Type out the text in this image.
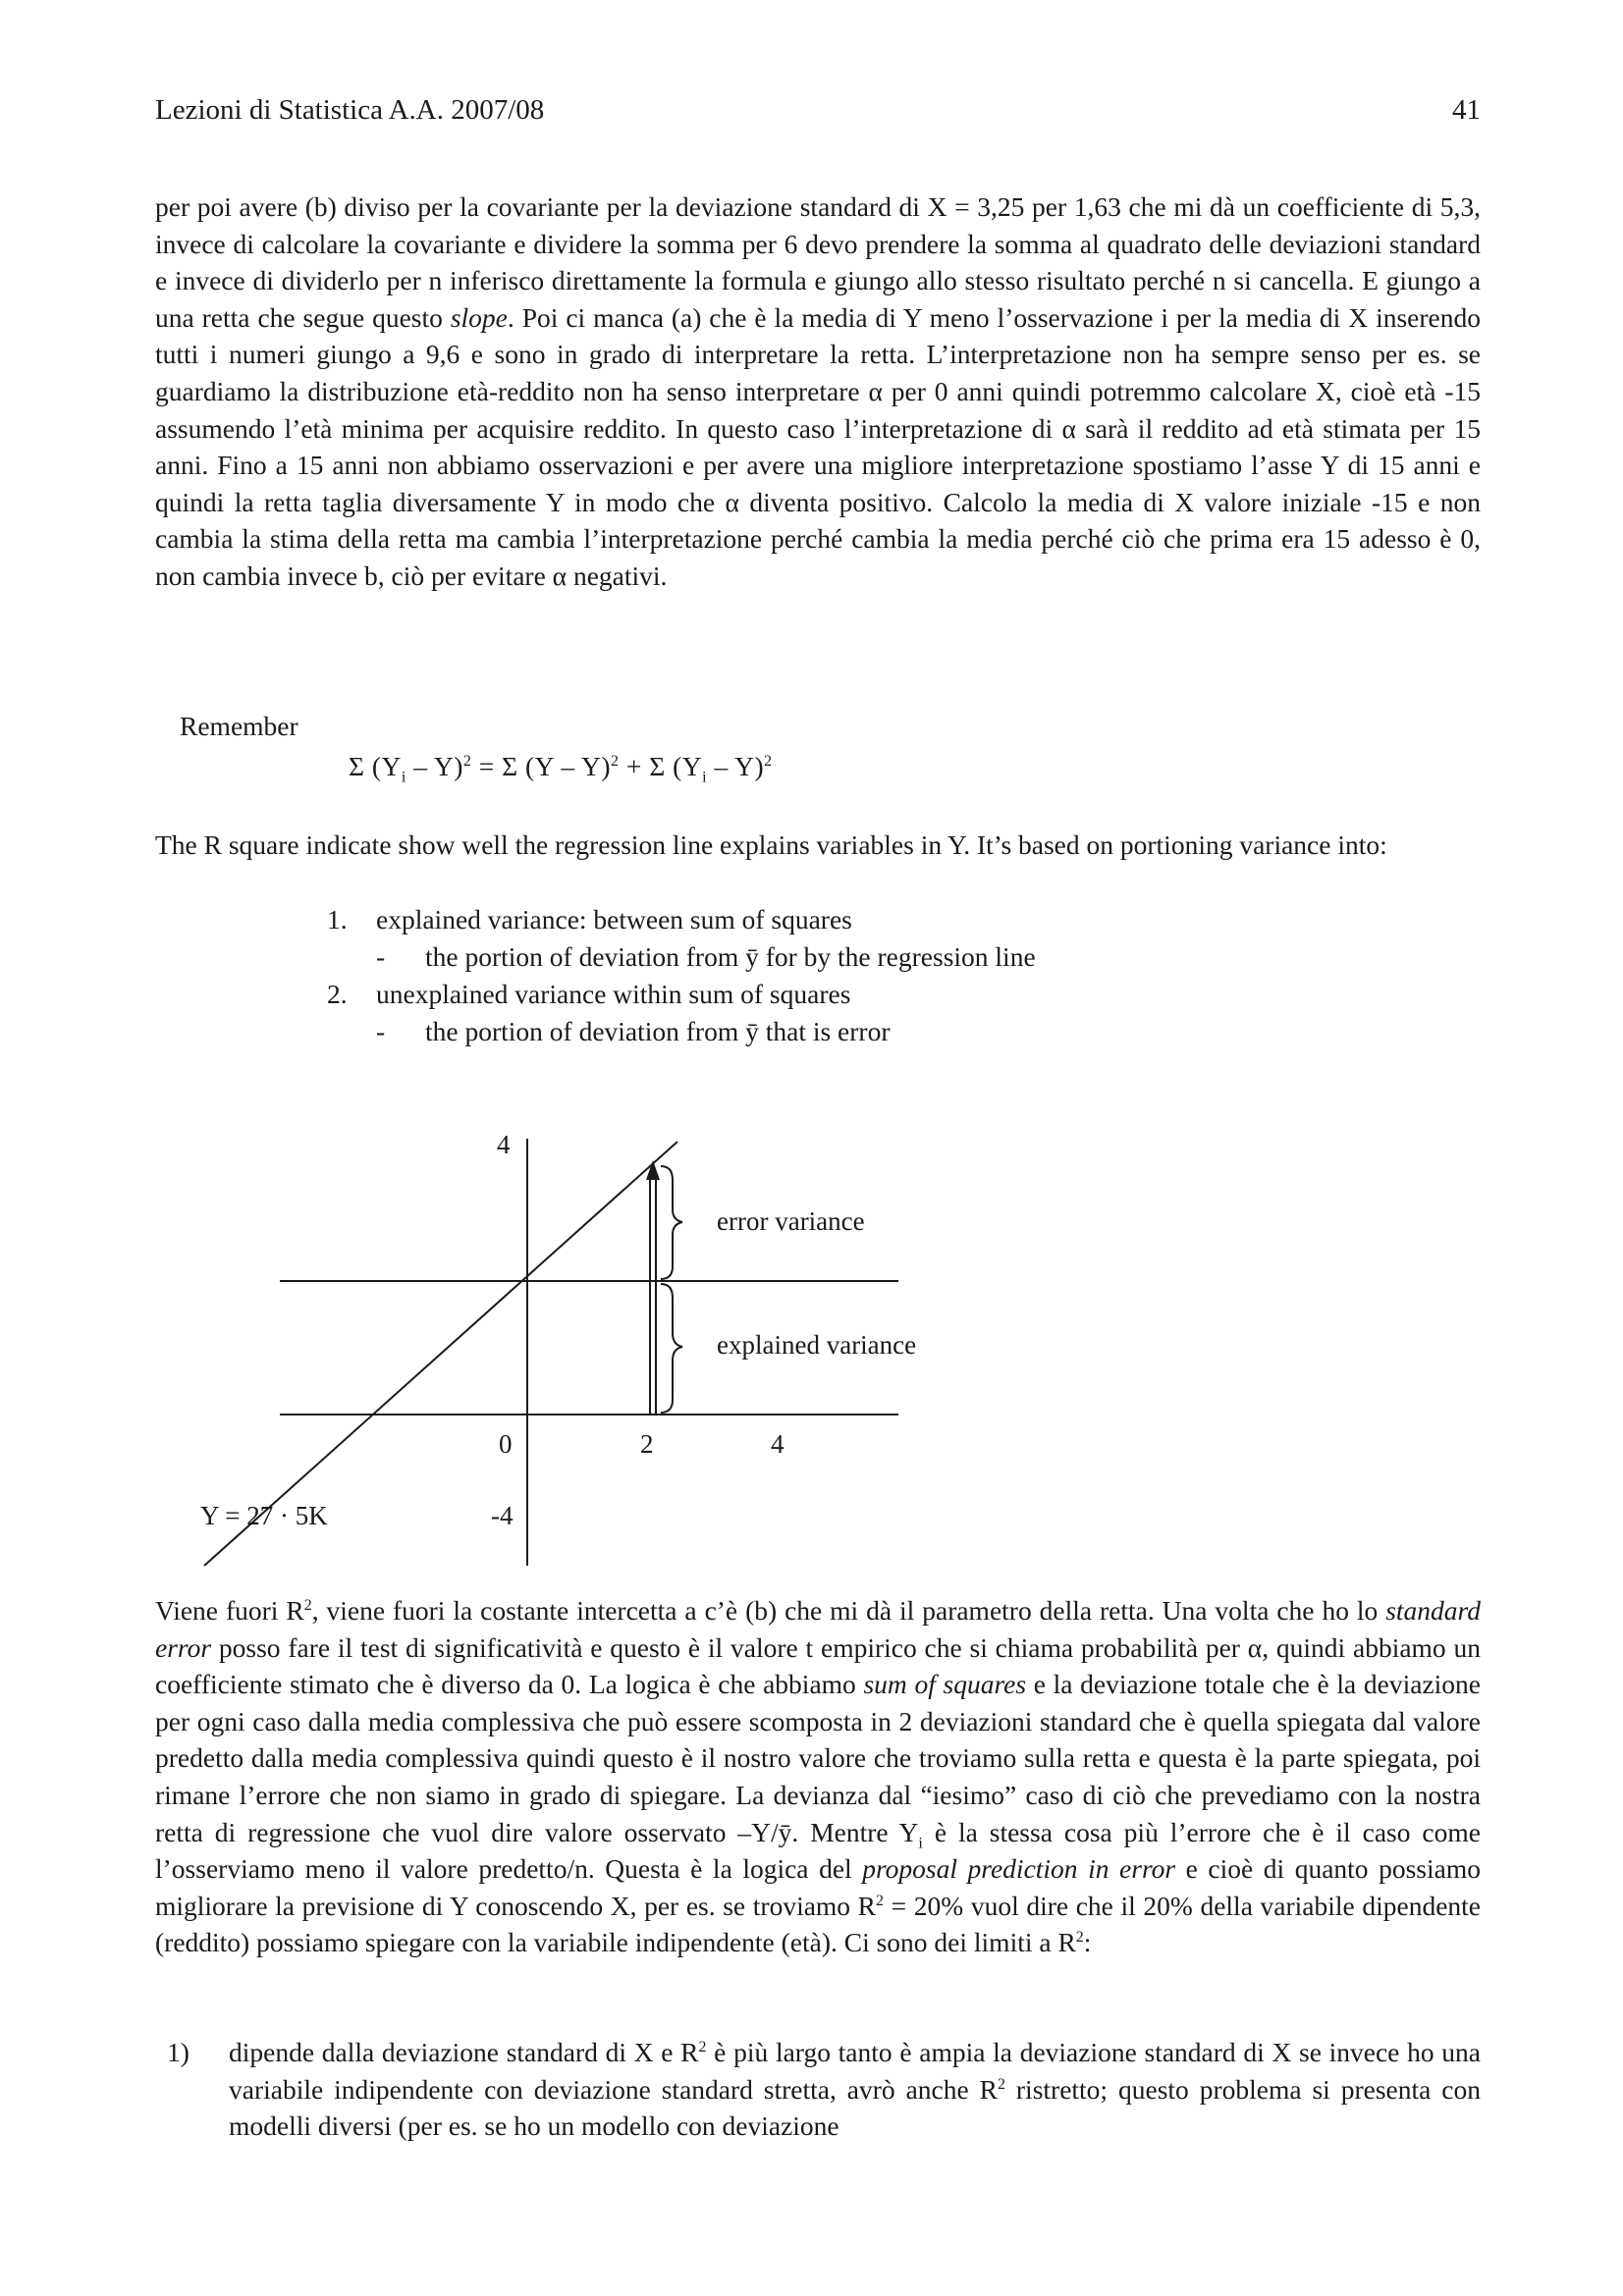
Lezioni di Statistica A.A. 2007/08	41

per poi avere (b) diviso per la covariante per la deviazione standard di X = 3,25 per 1,63 che mi dà un coefficiente di 5,3, invece di calcolare la covariante e dividere la somma per 6 devo prendere la somma al quadrato delle deviazioni standard e invece di dividerlo per n inferisco direttamente la formula e giungo allo stesso risultato perché n si cancella. E giungo a una retta che segue questo slope. Poi ci manca (a) che è la media di Y meno l’osservazione i per la media di X inserendo tutti i numeri giungo a 9,6 e sono in grado di interpretare la retta. L’interpretazione non ha sempre senso per es. se guardiamo la distribuzione età-reddito non ha senso interpretare α per 0 anni quindi potremmo calcolare X, cioè età -15 assumendo l’età minima per acquisire reddito. In questo caso l’interpretazione di α sarà il reddito ad età stimata per 15 anni. Fino a 15 anni non abbiamo osservazioni e per avere una migliore interpretazione spostiamo l’asse Y di 15 anni e quindi la retta taglia diversamente Y in modo che α diventa positivo. Calcolo la media di X valore iniziale -15 e non cambia la stima della retta ma cambia l’interpretazione perché cambia la media perché ciò che prima era 15 adesso è 0, non cambia invece b, ciò per evitare α negativi.

Remember
Σ $(Y_i - Y)^2 = \Sigma$ (Y – Y)$^2$ + Σ $(Y_i - Y)^2$

The R square indicate show well the regression line explains variables in Y. It’s based on portioning variance into:

1. explained variance: between sum of squares
- the portion of deviation from ȳ for by the regression line
2. unexplained variance within sum of squares
- the portion of deviation from ȳ that is error
4
-4
0	2	4
error variance
explained variance
Y = 27 · 5K

Viene fuori $R^2$, viene fuori la costante intercetta a c’è (b) che mi dà il parametro della retta. Una volta che ho lo standard error posso fare il test di significatività e questo è il valore t empirico che si chiama probabilità per α, quindi abbiamo un coefficiente stimato che è diverso da 0. La logica è che abbiamo sum of squares e la deviazione totale che è la deviazione per ogni caso dalla media complessiva che può essere scomposta in 2 deviazioni standard che è quella spiegata dal valore predetto dalla media complessiva quindi questo è il nostro valore che troviamo sulla retta e questa è la parte spiegata, poi rimane l’errore che non siamo in grado di spiegare. La devianza dal “iesimo” caso di ciò che prevediamo con la nostra retta di regressione che vuol dire valore osservato –Y/ȳ. Mentre $Y_i$ è la stessa cosa più l’errore che è il caso come l’osserviamo meno il valore predetto/n. Questa è la logica del proposal prediction in error e cioè di quanto possiamo migliorare la previsione di Y conoscendo X, per es. se troviamo $R^2 = 20\%$ vuol dire che il 20% della variabile dipendente (reddito) possiamo spiegare con la variabile indipendente (età). Ci sono dei limiti a $R^2$:

1) dipende dalla deviazione standard di X e $R^2$ è più largo tanto è ampia la deviazione standard di X se invece ho una variabile indipendente con deviazione standard stretta, avrò anche $R^2$ ristretto; questo problema si presenta con modelli diversi (per es. se ho un modello con deviazione
